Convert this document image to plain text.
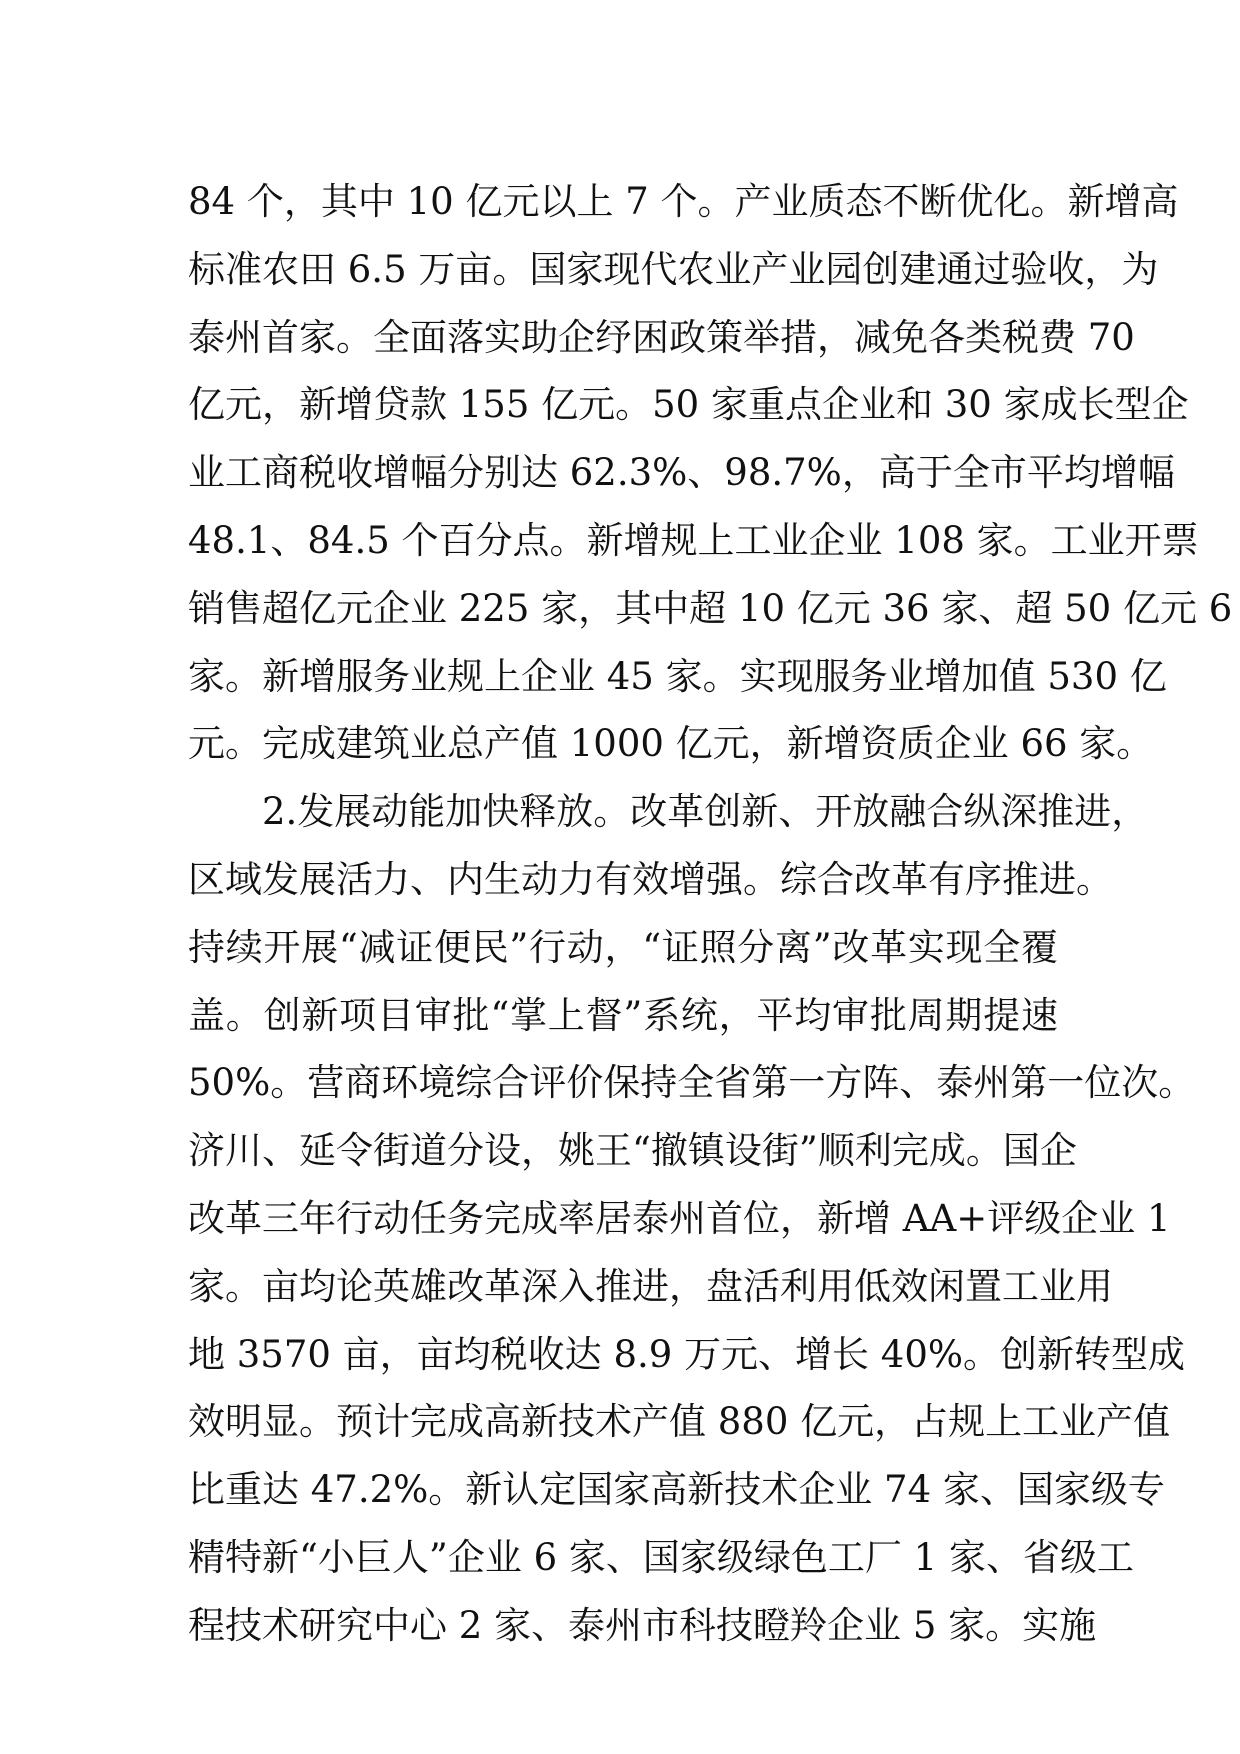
84 个，其中 10 亿元以上 7 个。产业质态不断优化。新增高
标准农田 6.5 万亩。国家现代农业产业园创建通过验收，为
泰州首家。全面落实助企纾困政策举措，减免各类税费 70
亿元，新增贷款 155 亿元。50 家重点企业和 30 家成长型企
业工商税收增幅分别达 62.3%、98.7%，高于全市平均增幅
48.1、84.5 个百分点。新增规上工业企业 108 家。工业开票
销售超亿元企业 225 家，其中超 10 亿元 36 家、超 50 亿元 6
家。新增服务业规上企业 45 家。实现服务业增加值 530 亿
元。完成建筑业总产值 1000 亿元，新增资质企业 66 家。
2.发展动能加快释放。改革创新、开放融合纵深推进，
区域发展活力、内生动力有效增强。综合改革有序推进。
持续开展“减证便民”行动，“证照分离”改革实现全覆
盖。创新项目审批“掌上督”系统，平均审批周期提速
50%。营商环境综合评价保持全省第一方阵、泰州第一位次。
济川、延令街道分设，姚王“撤镇设街”顺利完成。国企
改革三年行动任务完成率居泰州首位，新增 AA+评级企业 1
家。亩均论英雄改革深入推进，盘活利用低效闲置工业用
地 3570 亩，亩均税收达 8.9 万元、增长 40%。创新转型成
效明显。预计完成高新技术产值 880 亿元，占规上工业产值
比重达 47.2%。新认定国家高新技术企业 74 家、国家级专
精特新“小巨人”企业 6 家、国家级绿色工厂 1 家、省级工
程技术研究中心 2 家、泰州市科技瞪羚企业 5 家。实施
